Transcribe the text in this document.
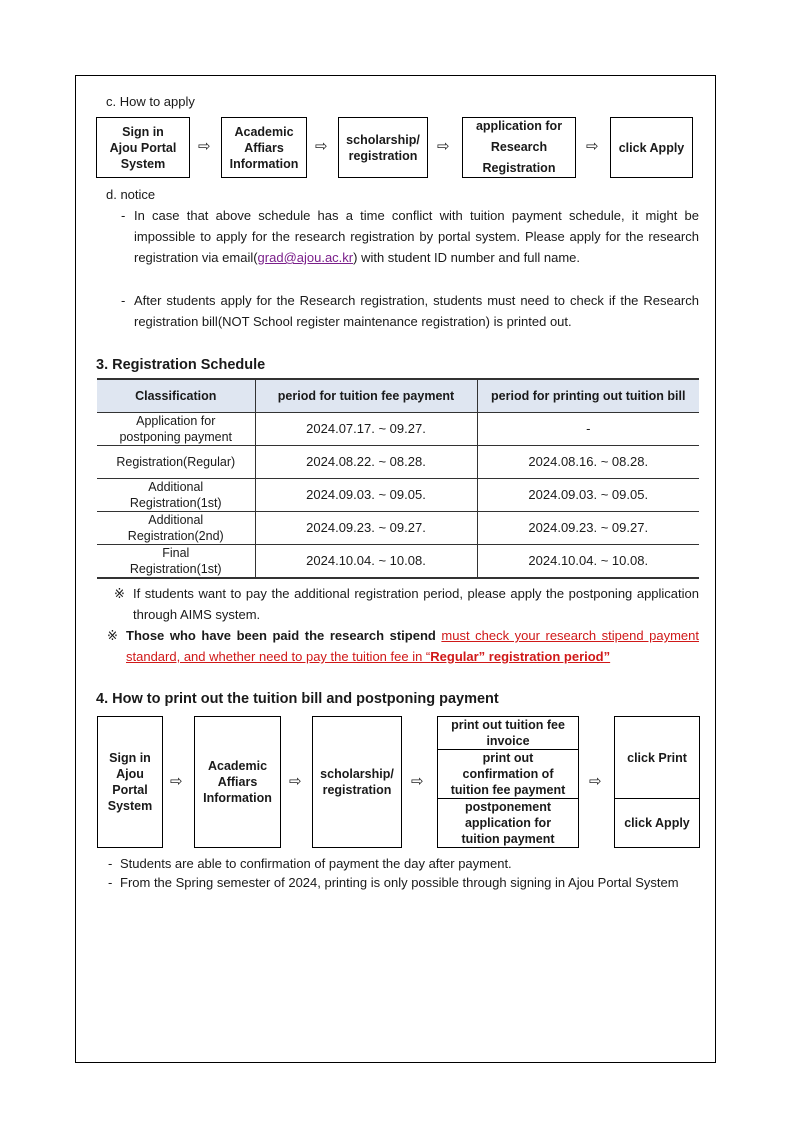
c. How to apply
Sign in
Ajou Portal
System
⇨
Academic
Affiars
Information
⇨	scholarship/
registration
⇨
application for
Research
Registration
⇨	click Apply
d. notice
- In case that above schedule has a time conflict with tuition payment schedule, it might be impossible to apply for the research registration by portal system. Please apply for the research registration via email(grad@ajou.ac.kr) with student ID number and full name.
- After students apply for the Research registration, students must need to check if the Research registration bill(NOT School register maintenance registration) is printed out.
3. Registration Schedule
Classification	period for tuition fee payment	period for printing out tuition bill
Application for
postponing payment	2024.07.17. ~ 09.27.	-
Registration(Regular)	2024.08.22. ~ 08.28.	2024.08.16. ~ 08.28.
Additional
Registration(1st)	2024.09.03. ~ 09.05.	2024.09.03. ~ 09.05.
Additional
Registration(2nd)	2024.09.23. ~ 09.27.	2024.09.23. ~ 09.27.
Final
Registration(1st)	2024.10.04. ~ 10.08.	2024.10.04. ~ 10.08.
※ If students want to pay the additional registration period, please apply the postponing application through AIMS system.
※ Those who have been paid the research stipend must check your research stipend payment standard, and whether need to pay the tuition fee in “Regular” registration period”
4. How to print out the tuition bill and postponing payment
Sign in
Ajou
Portal
System
⇨
Academic
Affiars
Information
⇨	scholarship/
registration	⇨
print out tuition fee
invoice
print out
confirmation of
tuition fee payment
postponement
application for
tuition payment
⇨
click Print
click Apply
- Students are able to confirmation of payment the day after payment.
- From the Spring semester of 2024, printing is only possible through signing in Ajou Portal System
